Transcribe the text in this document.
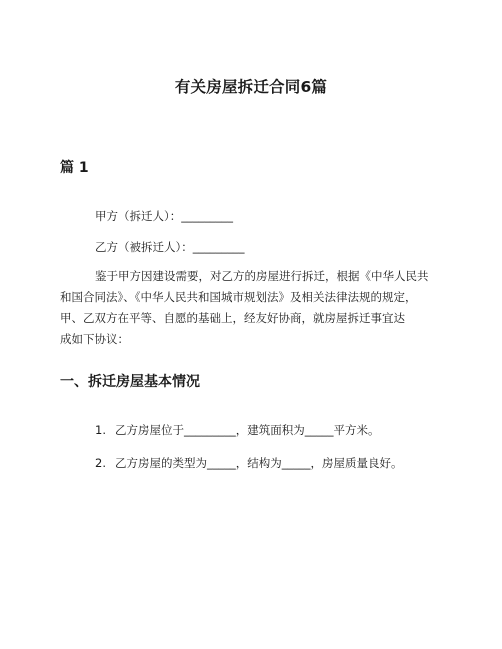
有关房屋拆迁合同6篇
篇 1

甲方（拆迁人）：_________

乙方（被拆迁人）：_________

鉴于甲方因建设需要，对乙方的房屋进行拆迁，根据《中华人民共
和国合同法》、《中华人民共和国城市规划法》及相关法律法规的规定，
甲、乙双方在平等、自愿的基础上，经友好协商，就房屋拆迁事宜达
成如下协议：
一、拆迁房屋基本情况

1. 乙方房屋位于_________，建筑面积为_____平方米。

2. 乙方房屋的类型为_____，结构为_____，房屋质量良好。
